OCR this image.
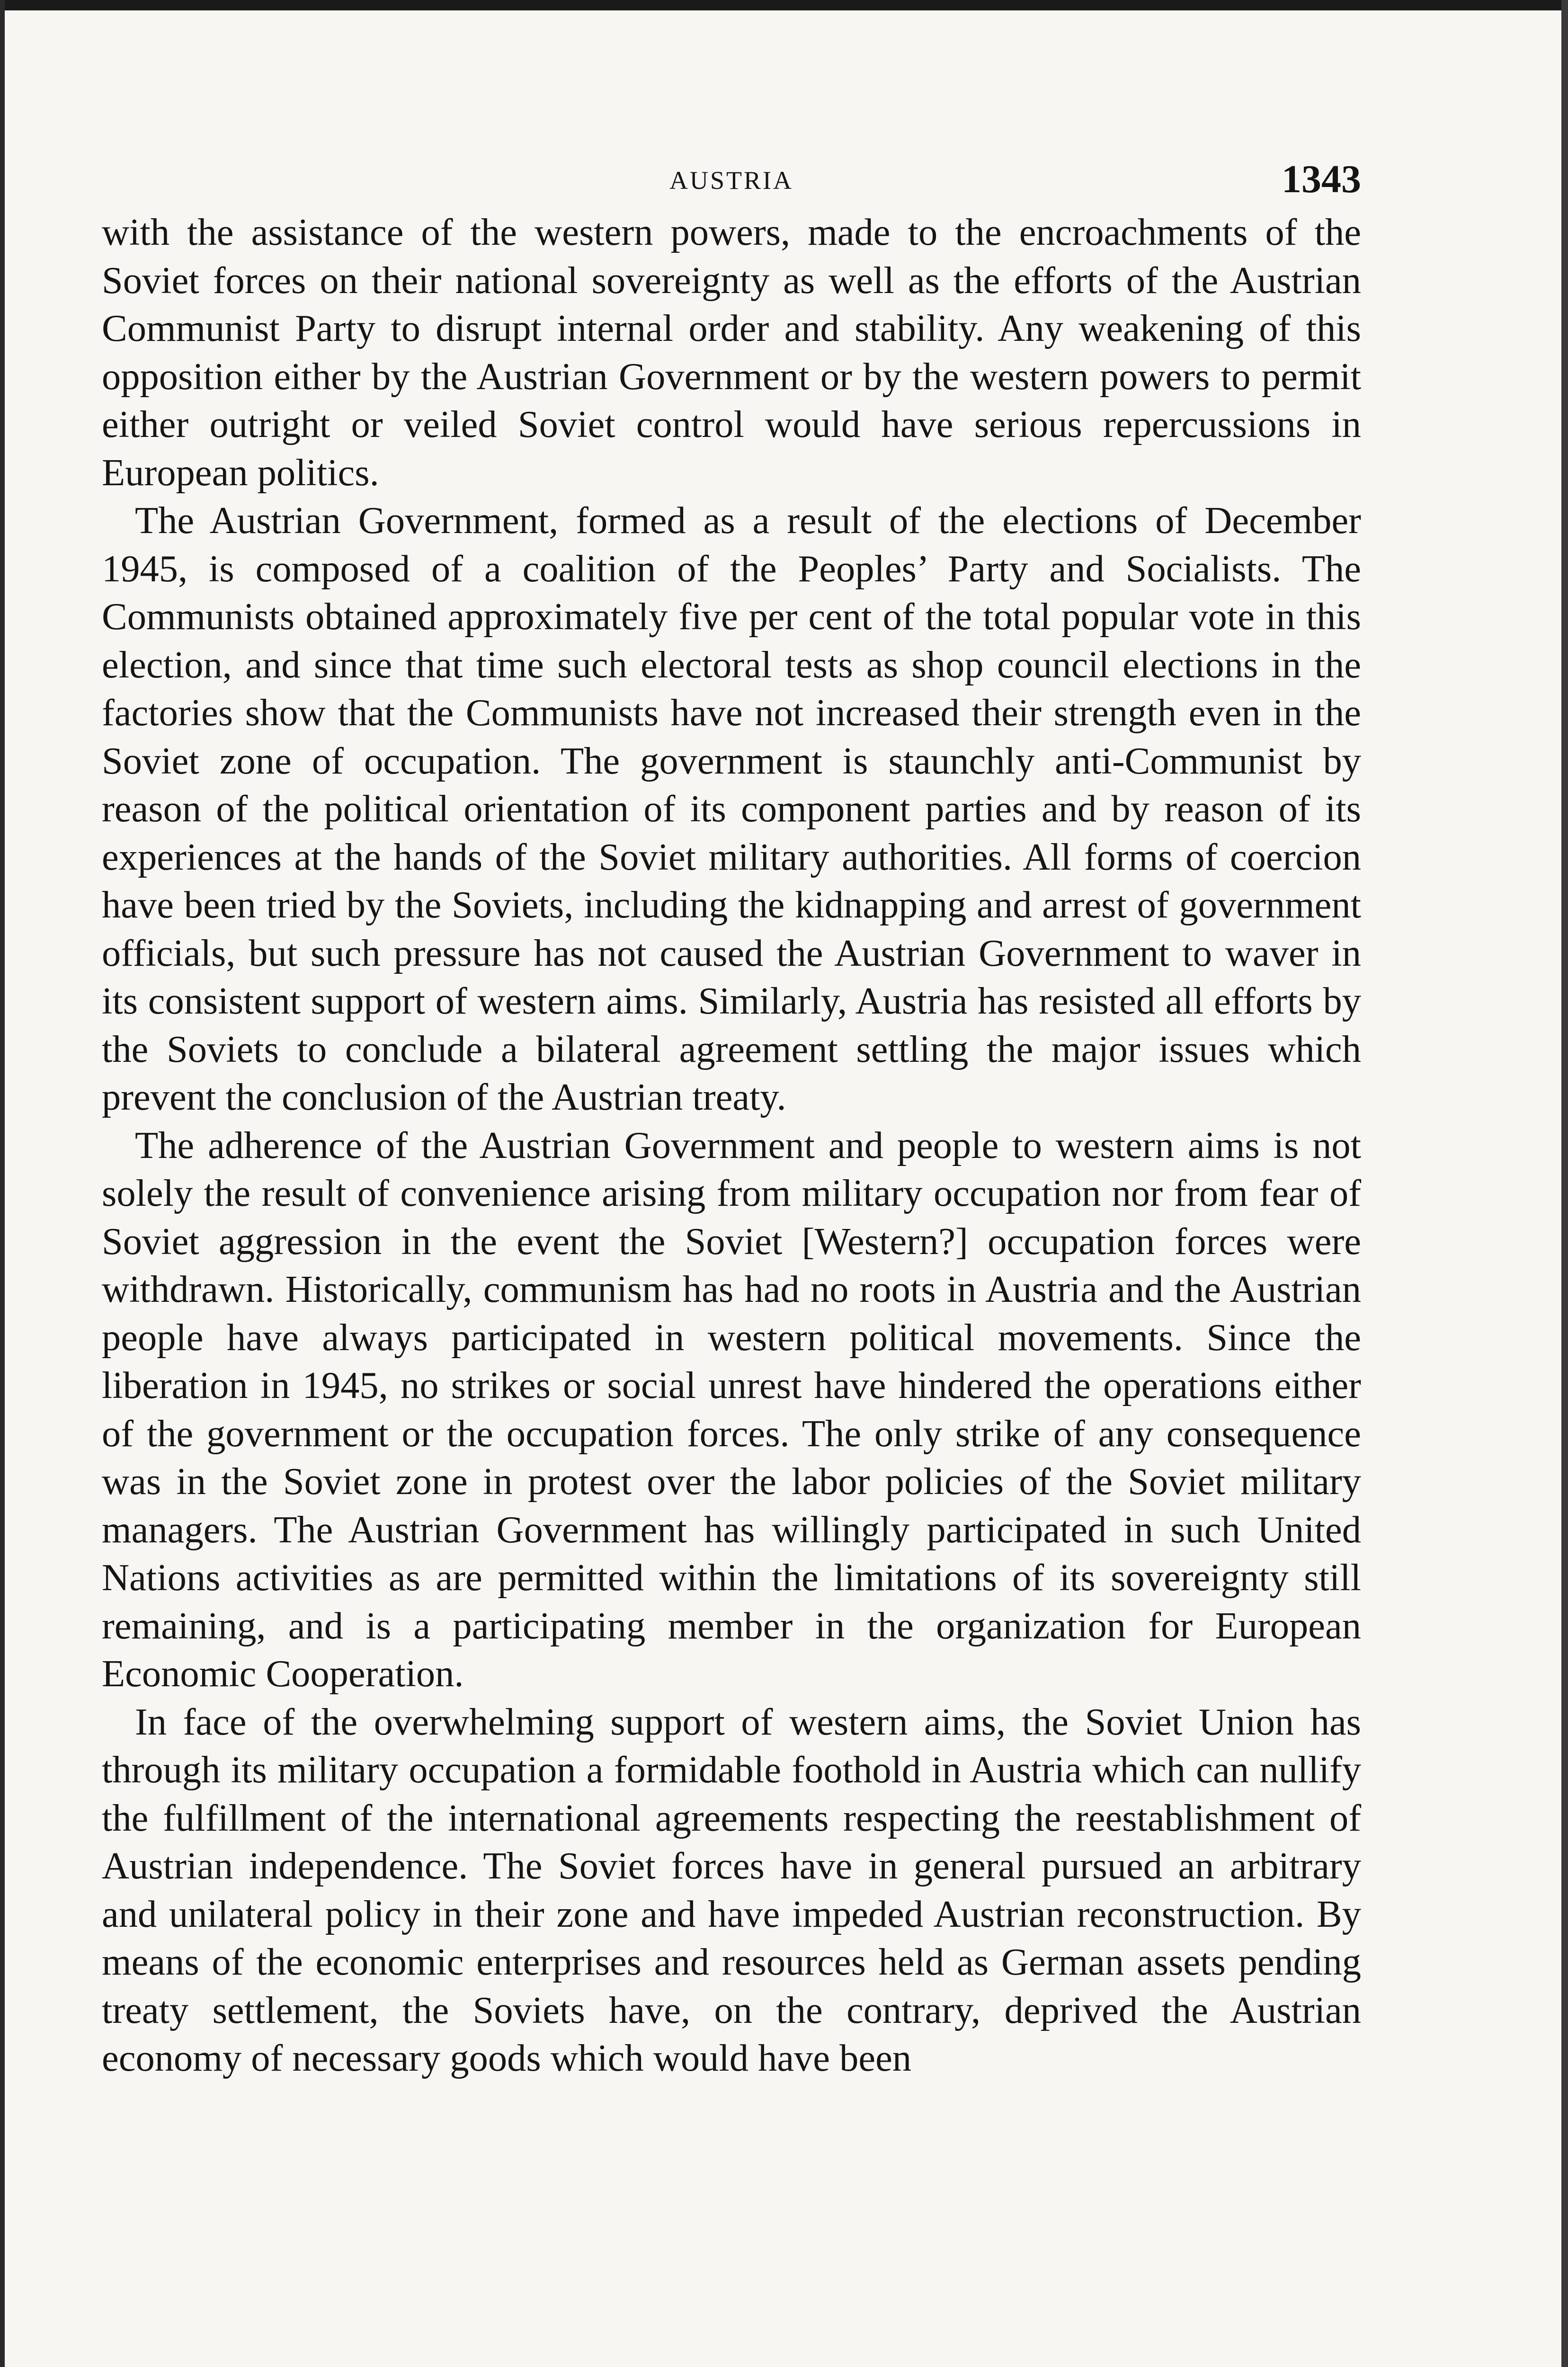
AUSTRIA	1343

with the assistance of the western powers, made to the encroachments of the Soviet forces on their national sovereignty as well as the efforts of the Austrian Communist Party to disrupt internal order and stability. Any weakening of this opposition either by the Austrian Government or by the western powers to permit either outright or veiled Soviet control would have serious repercussions in European politics.

The Austrian Government, formed as a result of the elections of December 1945, is composed of a coalition of the Peoples’ Party and Socialists. The Communists obtained approximately five per cent of the total popular vote in this election, and since that time such electoral tests as shop council elections in the factories show that the Communists have not increased their strength even in the Soviet zone of occupation. The government is staunchly anti-Communist by reason of the political orientation of its component parties and by reason of its experiences at the hands of the Soviet military authorities. All forms of coercion have been tried by the Soviets, including the kidnapping and arrest of government officials, but such pressure has not caused the Austrian Government to waver in its consistent support of western aims. Similarly, Austria has resisted all efforts by the Soviets to conclude a bilateral agreement settling the major issues which prevent the conclusion of the Austrian treaty.

The adherence of the Austrian Government and people to western aims is not solely the result of convenience arising from military occupation nor from fear of Soviet aggression in the event the Soviet [Western?] occupation forces were withdrawn. Historically, communism has had no roots in Austria and the Austrian people have always participated in western political movements. Since the liberation in 1945, no strikes or social unrest have hindered the operations either of the government or the occupation forces. The only strike of any consequence was in the Soviet zone in protest over the labor policies of the Soviet military managers. The Austrian Government has willingly participated in such United Nations activities as are permitted within the limitations of its sovereignty still remaining, and is a participating member in the organization for European Economic Cooperation.

In face of the overwhelming support of western aims, the Soviet Union has through its military occupation a formidable foothold in Austria which can nullify the fulfillment of the international agreements respecting the reestablishment of Austrian independence. The Soviet forces have in general pursued an arbitrary and unilateral policy in their zone and have impeded Austrian reconstruction. By means of the economic enterprises and resources held as German assets pending treaty settlement, the Soviets have, on the contrary, deprived the Austrian economy of necessary goods which would have been
